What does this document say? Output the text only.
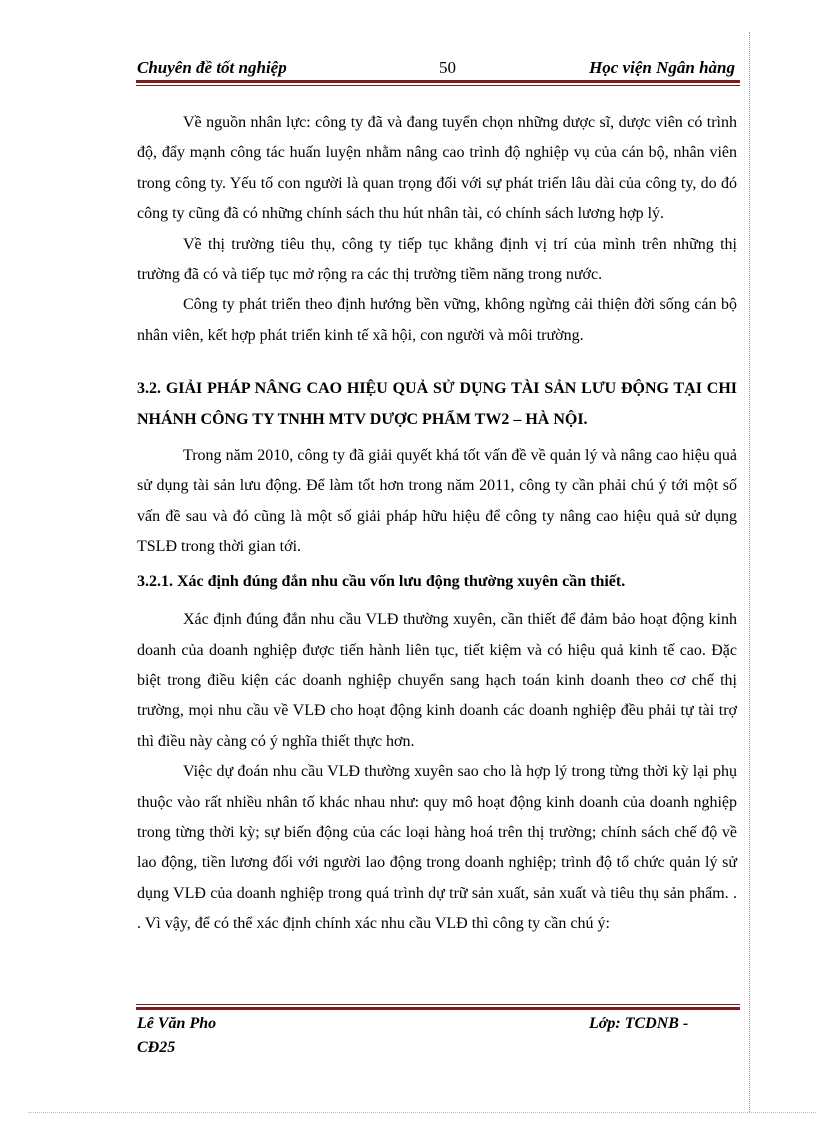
Chuyên đề tốt nghiệp	50	Học viện Ngân hàng

Về nguồn nhân lực: công ty đã và đang tuyển chọn những dược sĩ, dược viên có trình độ, đẩy mạnh công tác huấn luyện nhằm nâng cao trình độ nghiệp vụ của cán bộ, nhân viên trong công ty. Yếu tố con người là quan trọng đối với sự phát triển lâu dài của công ty, do đó công ty cũng đã có những chính sách thu hút nhân tài, có chính sách lương hợp lý.

Về thị trường tiêu thụ, công ty tiếp tục khẳng định vị trí của mình trên những thị trường đã có và tiếp tục mở rộng ra các thị trường tiềm năng trong nước.

Công ty phát triển theo định hướng bền vững, không ngừng cải thiện đời sống cán bộ nhân viên, kết hợp phát triển kinh tế xã hội, con người và môi trường.

3.2. GIẢI PHÁP NÂNG CAO HIỆU QUẢ SỬ DỤNG TÀI SẢN LƯU ĐỘNG TẠI CHI NHÁNH CÔNG TY TNHH MTV DƯỢC PHẨM TW2 – HÀ NỘI.

Trong năm 2010, công ty đã giải quyết khá tốt vấn đề về quản lý và nâng cao hiệu quả sử dụng tài sản lưu động. Để làm tốt hơn trong năm 2011, công ty cần phải chú ý tới một số vấn đề sau và đó cũng là một số giải pháp hữu hiệu để công ty nâng cao hiệu quả sử dụng TSLĐ trong thời gian tới.

3.2.1. Xác định đúng đắn nhu cầu vốn lưu động thường xuyên cần thiết.

Xác định đúng đắn nhu cầu VLĐ thường xuyên, cần thiết để đảm bảo hoạt động kinh doanh của doanh nghiệp được tiến hành liên tục, tiết kiệm và có hiệu quả kinh tế cao. Đặc biệt trong điều kiện các doanh nghiệp chuyển sang hạch toán kinh doanh theo cơ chế thị trường, mọi nhu cầu về VLĐ cho hoạt động kinh doanh các doanh nghiệp đều phải tự tài trợ thì điều này càng có ý nghĩa thiết thực hơn.

Việc dự đoán nhu cầu VLĐ thường xuyên sao cho là hợp lý trong từng thời kỳ lại phụ thuộc vào rất nhiều nhân tố khác nhau như: quy mô hoạt động kinh doanh của doanh nghiệp trong từng thời kỳ; sự biến động của các loại hàng hoá trên thị trường; chính sách chế độ về lao động, tiền lương đối với người lao động trong doanh nghiệp; trình độ tổ chức quản lý sử dụng VLĐ của doanh nghiệp trong quá trình dự trữ sản xuất, sản xuất và tiêu thụ sản phẩm. . . Vì vậy, để có thể xác định chính xác nhu cầu VLĐ thì công ty cần chú ý:

Lê Văn Pho CĐ25
Lớp: TCDNB -
